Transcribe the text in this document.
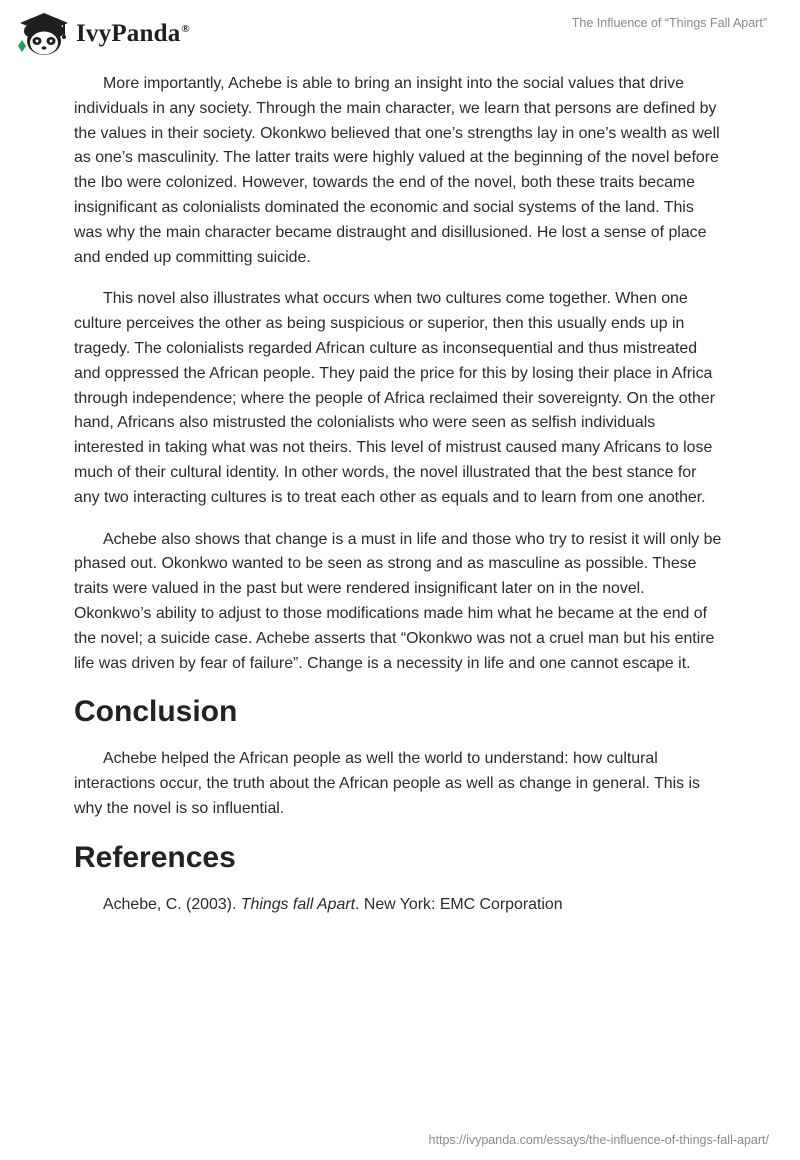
IvyPanda®	The Influence of “Things Fall Apart”

More importantly, Achebe is able to bring an insight into the social values that drive individuals in any society. Through the main character, we learn that persons are defined by the values in their society. Okonkwo believed that one’s strengths lay in one’s wealth as well as one’s masculinity. The latter traits were highly valued at the beginning of the novel before the Ibo were colonized. However, towards the end of the novel, both these traits became insignificant as colonialists dominated the economic and social systems of the land. This was why the main character became distraught and disillusioned. He lost a sense of place and ended up committing suicide.

This novel also illustrates what occurs when two cultures come together. When one culture perceives the other as being suspicious or superior, then this usually ends up in tragedy. The colonialists regarded African culture as inconsequential and thus mistreated and oppressed the African people. They paid the price for this by losing their place in Africa through independence; where the people of Africa reclaimed their sovereignty. On the other hand, Africans also mistrusted the colonialists who were seen as selfish individuals interested in taking what was not theirs. This level of mistrust caused many Africans to lose much of their cultural identity. In other words, the novel illustrated that the best stance for any two interacting cultures is to treat each other as equals and to learn from one another.

Achebe also shows that change is a must in life and those who try to resist it will only be phased out. Okonkwo wanted to be seen as strong and as masculine as possible. These traits were valued in the past but were rendered insignificant later on in the novel. Okonkwo’s ability to adjust to those modifications made him what he became at the end of the novel; a suicide case. Achebe asserts that “Okonkwo was not a cruel man but his entire life was driven by fear of failure”. Change is a necessity in life and one cannot escape it.

Conclusion

Achebe helped the African people as well the world to understand: how cultural interactions occur, the truth about the African people as well as change in general. This is why the novel is so influential.

References

Achebe, C. (2003). Things fall Apart. New York: EMC Corporation

https://ivypanda.com/essays/the-influence-of-things-fall-apart/
